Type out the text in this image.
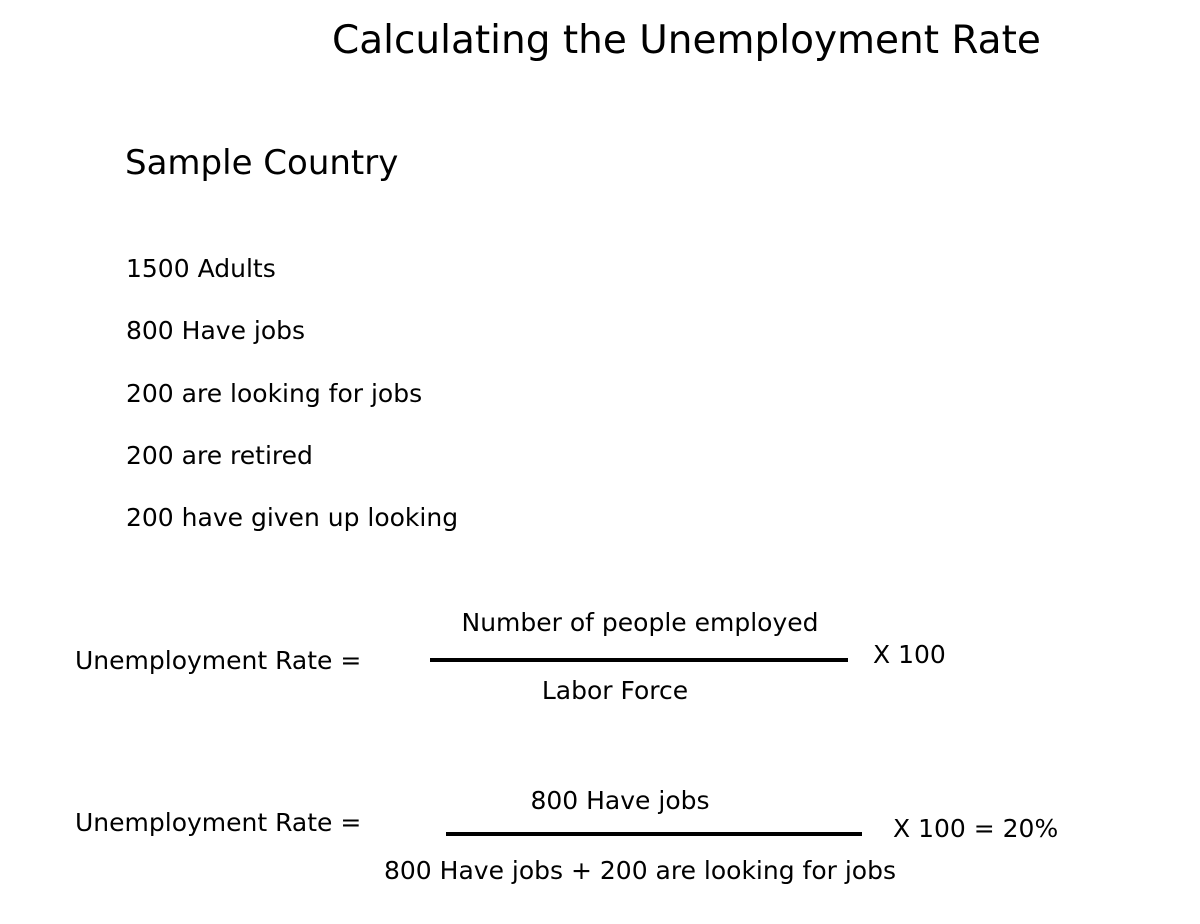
Calculating the Unemployment Rate
Sample Country
1500 Adults
800 Have jobs
200 are looking for jobs
200 are retired
200 have given up looking
Unemployment Rate =
Number of people employed
Labor Force
X 100
Unemployment Rate =
800 Have jobs
800 Have jobs + 200 are looking for jobs
X 100 = 20%
